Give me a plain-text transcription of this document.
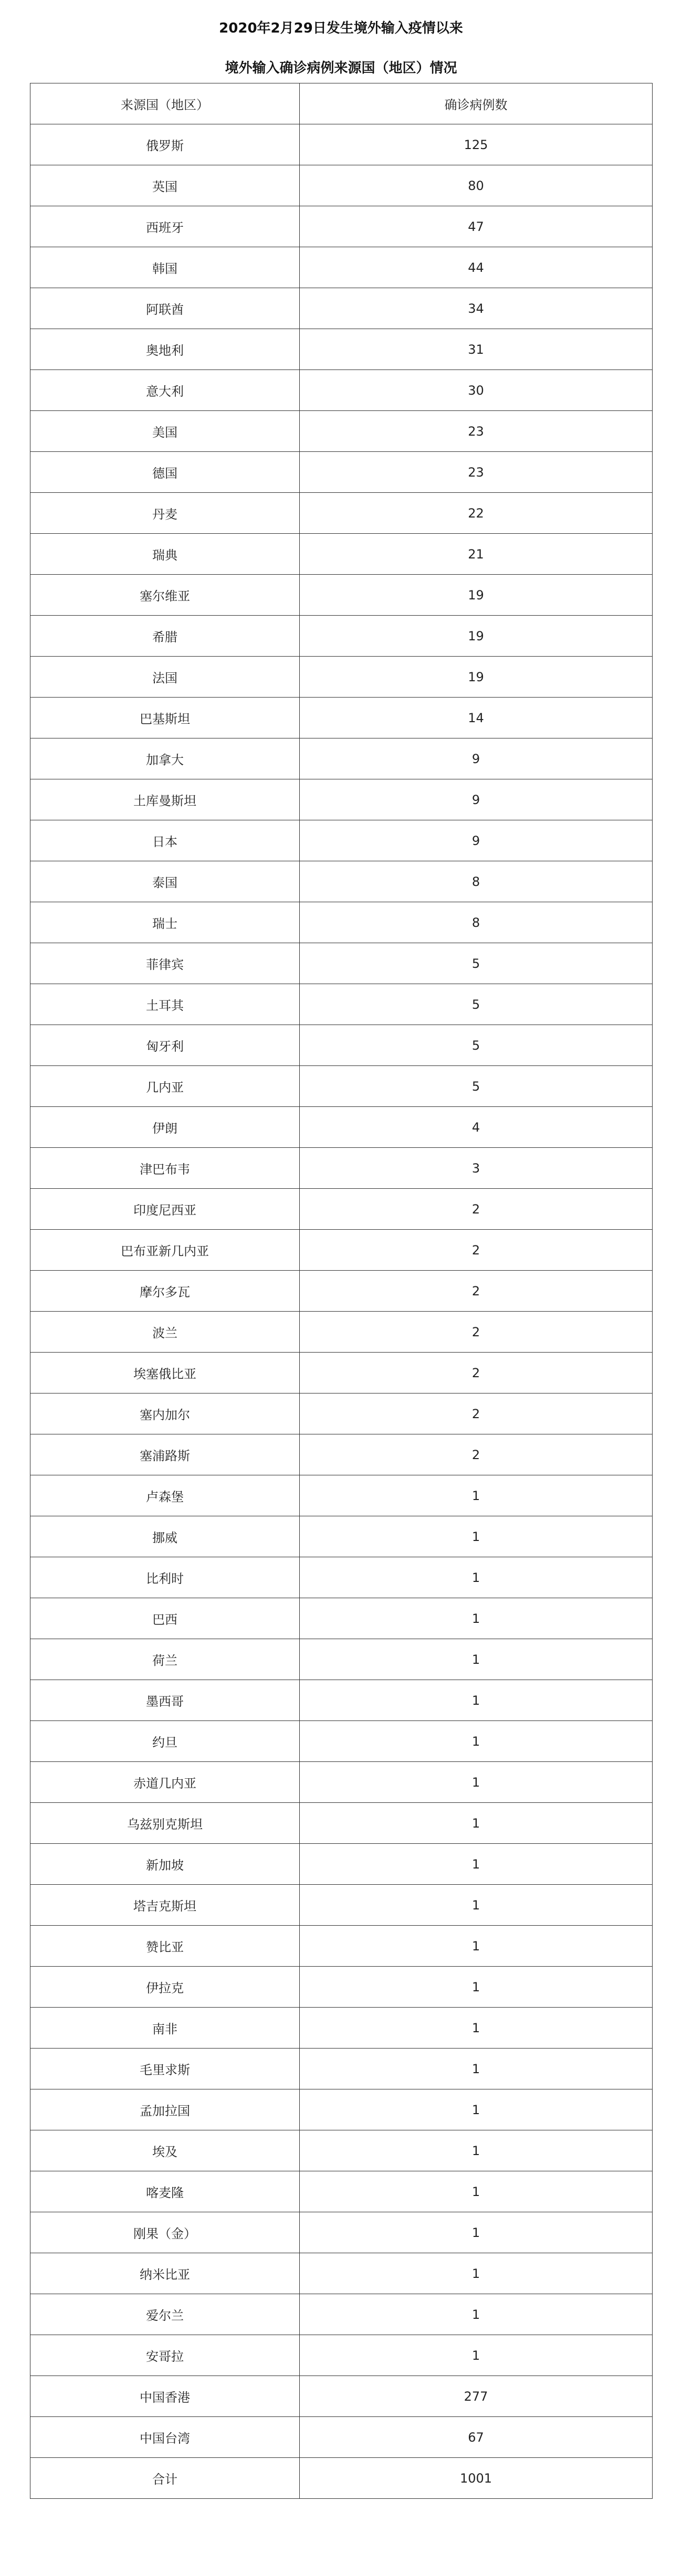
2020年2月29日发生境外输入疫情以来
境外输入确诊病例来源国（地区）情况
来源国（地区）	确诊病例数
俄罗斯	125
英国	80
西班牙	47
韩国	44
阿联酋	34
奥地利	31
意大利	30
美国	23
德国	23
丹麦	22
瑞典	21
塞尔维亚	19
希腊	19
法国	19
巴基斯坦	14
加拿大	9
土库曼斯坦	9
日本	9
泰国	8
瑞士	8
菲律宾	5
土耳其	5
匈牙利	5
几内亚	5
伊朗	4
津巴布韦	3
印度尼西亚	2
巴布亚新几内亚	2
摩尔多瓦	2
波兰	2
埃塞俄比亚	2
塞内加尔	2
塞浦路斯	2
卢森堡	1
挪威	1
比利时	1
巴西	1
荷兰	1
墨西哥	1
约旦	1
赤道几内亚	1
乌兹别克斯坦	1
新加坡	1
塔吉克斯坦	1
赞比亚	1
伊拉克	1
南非	1
毛里求斯	1
孟加拉国	1
埃及	1
喀麦隆	1
刚果（金）	1
纳米比亚	1
爱尔兰	1
安哥拉	1
中国香港	277
中国台湾	67
合计	1001
